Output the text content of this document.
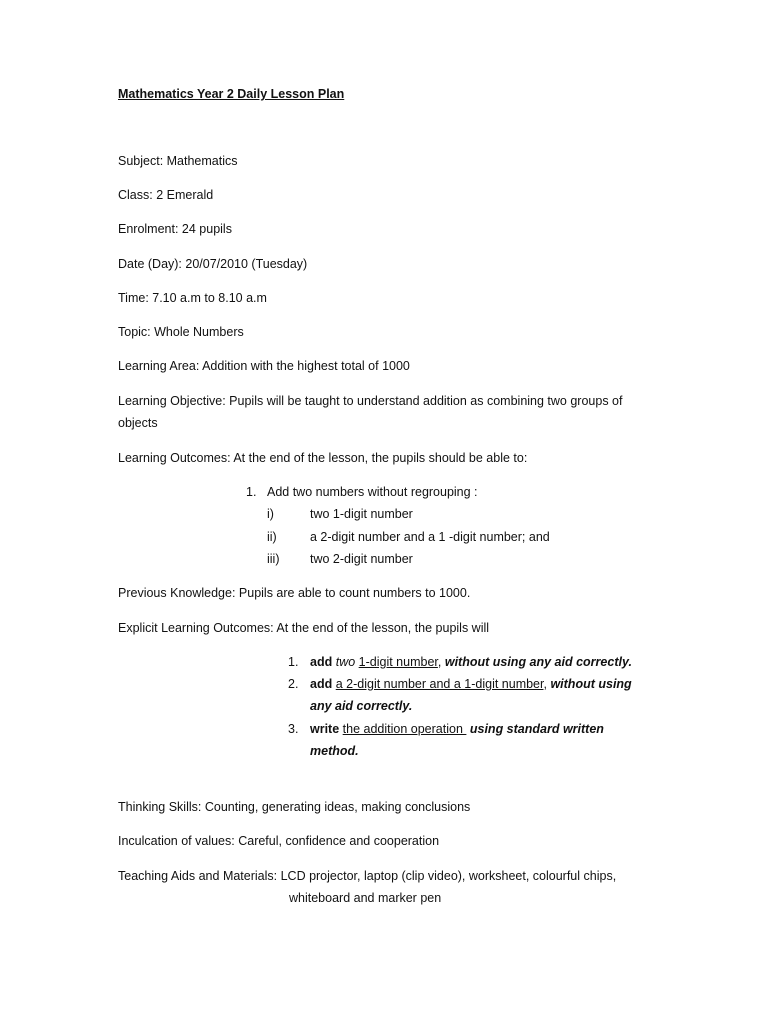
Mathematics Year 2 Daily Lesson Plan
Subject: Mathematics
Class: 2 Emerald
Enrolment: 24 pupils
Date (Day): 20/07/2010 (Tuesday)
Time: 7.10 a.m to 8.10 a.m
Topic: Whole Numbers
Learning Area: Addition with the highest total of 1000
Learning Objective: Pupils will be taught to understand addition as combining two groups of
objects
Learning Outcomes: At the end of the lesson, the pupils should be able to:
1. Add two numbers without regrouping :
i)	two 1-digit number
ii)	a 2-digit number and a 1 -digit number; and
iii) two 2-digit number
Previous Knowledge: Pupils are able to count numbers to 1000.
Explicit Learning Outcomes: At the end of the lesson, the pupils will
1. add two 1-digit number, without using any aid correctly.
2. add a 2-digit number and a 1-digit number, without using
any aid correctly.
3. write the addition operation  using standard written
method.
Thinking Skills: Counting, generating ideas, making conclusions
Inculcation of values: Careful, confidence and cooperation
Teaching Aids and Materials: LCD projector, laptop (clip video), worksheet, colourful chips,
whiteboard and marker pen
